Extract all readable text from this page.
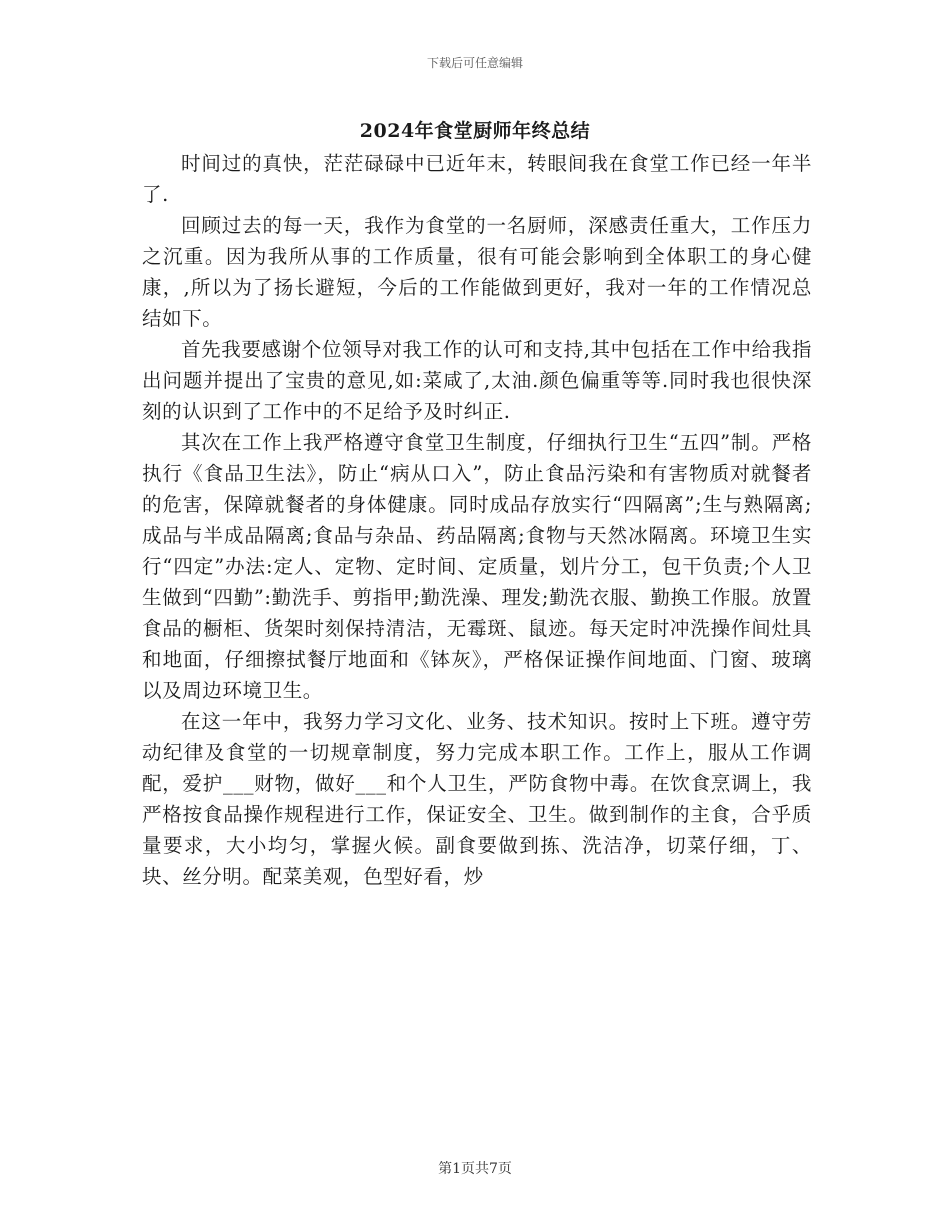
下载后可任意编辑
2024年食堂厨师年终总结

时间过的真快，茫茫碌碌中已近年末，转眼间我在食堂工作已经一年半了.

回顾过去的每一天，我作为食堂的一名厨师，深感责任重大，工作压力之沉重。因为我所从事的工作质量，很有可能会影响到全体职工的身心健康，,所以为了扬长避短，今后的工作能做到更好，我对一年的工作情况总结如下。

首先我要感谢个位领导对我工作的认可和支持,其中包括在工作中给我指出问题并提出了宝贵的意见,如:菜咸了,太油.颜色偏重等等.同时我也很快深刻的认识到了工作中的不足给予及时纠正.

其次在工作上我严格遵守食堂卫生制度，仔细执行卫生“五四”制。严格执行《食品卫生法》，防止“病从口入”，防止食品污染和有害物质对就餐者的危害，保障就餐者的身体健康。同时成品存放实行“四隔离”;生与熟隔离;成品与半成品隔离;食品与杂品、药品隔离;食物与天然冰隔离。环境卫生实行“四定”办法:定人、定物、定时间、定质量，划片分工，包干负责;个人卫生做到“四勤”:勤洗手、剪指甲;勤洗澡、理发;勤洗衣服、勤换工作服。放置食品的橱柜、货架时刻保持清洁，无霉斑、鼠迹。每天定时冲洗操作间灶具和地面，仔细擦拭餐厅地面和《钵灰》，严格保证操作间地面、门窗、玻璃以及周边环境卫生。

在这一年中，我努力学习文化、业务、技术知识。按时上下班。遵守劳动纪律及食堂的一切规章制度，努力完成本职工作。工作上，服从工作调配，爱护___财物，做好___和个人卫生，严防食物中毒。在饮食烹调上，我严格按食品操作规程进行工作，保证安全、卫生。做到制作的主食，合乎质量要求，大小均匀，掌握火候。副食要做到拣、洗洁净，切菜仔细，丁、块、丝分明。配菜美观，色型好看，炒

第1页共7页
